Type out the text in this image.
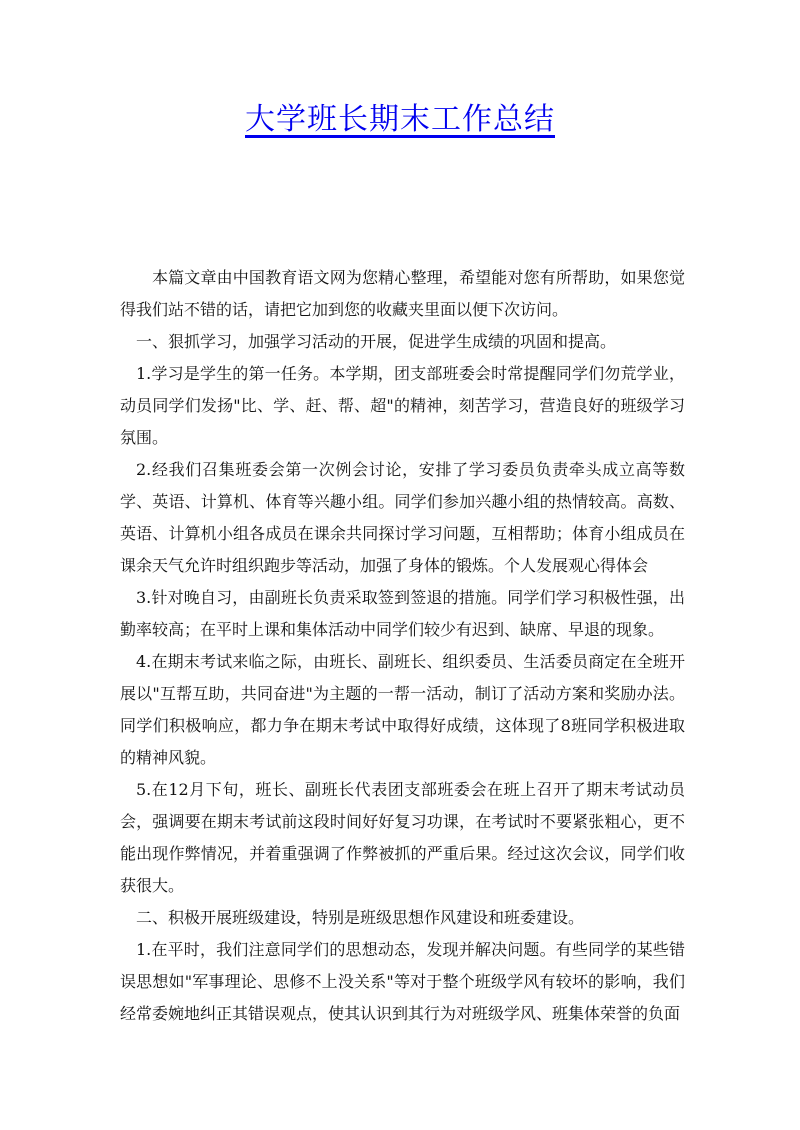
大学班长期末工作总结

本篇文章由中国教育语文网为您精心整理，希望能对您有所帮助，如果您觉得我们站不错的话，请把它加到您的收藏夹里面以便下次访问。

一、狠抓学习，加强学习活动的开展，促进学生成绩的巩固和提高。

1.学习是学生的第一任务。本学期，团支部班委会时常提醒同学们勿荒学业，动员同学们发扬"比、学、赶、帮、超"的精神，刻苦学习，营造良好的班级学习氛围。

2.经我们召集班委会第一次例会讨论，安排了学习委员负责牵头成立高等数学、英语、计算机、体育等兴趣小组。同学们参加兴趣小组的热情较高。高数、英语、计算机小组各成员在课余共同探讨学习问题，互相帮助；体育小组成员在课余天气允许时组织跑步等活动，加强了身体的锻炼。个人发展观心得体会

3.针对晚自习，由副班长负责采取签到签退的措施。同学们学习积极性强，出勤率较高；在平时上课和集体活动中同学们较少有迟到、缺席、早退的现象。

4.在期末考试来临之际，由班长、副班长、组织委员、生活委员商定在全班开展以"互帮互助，共同奋进"为主题的一帮一活动，制订了活动方案和奖励办法。同学们积极响应，都力争在期末考试中取得好成绩，这体现了8班同学积极进取的精神风貌。

5.在12月下旬，班长、副班长代表团支部班委会在班上召开了期末考试动员会，强调要在期末考试前这段时间好好复习功课，在考试时不要紧张粗心，更不能出现作弊情况，并着重强调了作弊被抓的严重后果。经过这次会议，同学们收获很大。

二、积极开展班级建设，特别是班级思想作风建设和班委建设。

1.在平时，我们注意同学们的思想动态，发现并解决问题。有些同学的某些错误思想如"军事理论、思修不上没关系"等对于整个班级学风有较坏的影响，我们经常委婉地纠正其错误观点，使其认识到其行为对班级学风、班集体荣誉的负面
